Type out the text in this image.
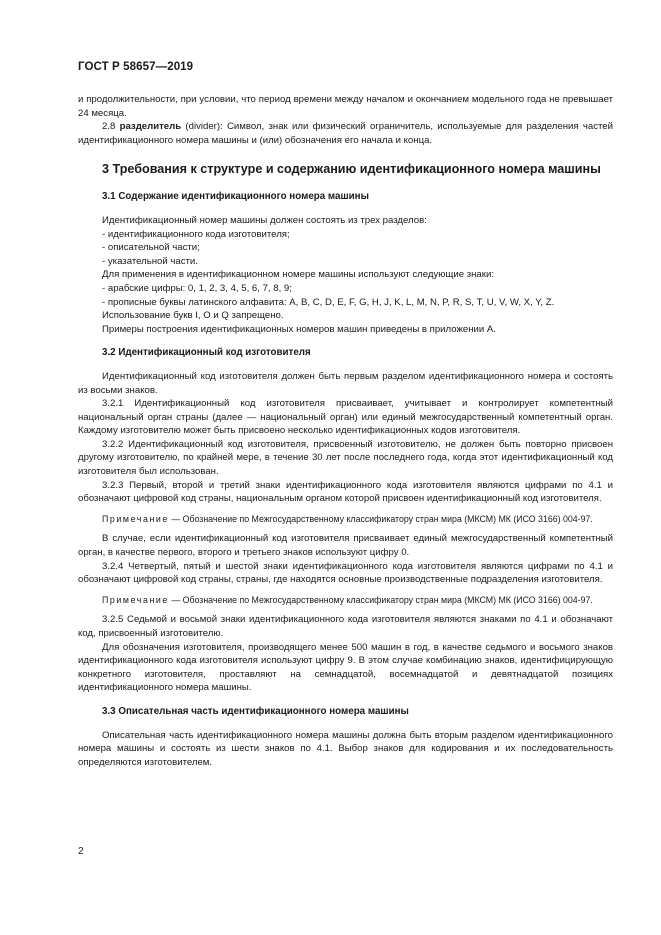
ГОСТ Р 58657—2019

и продолжительности, при условии, что период времени между началом и окончанием модельного года не превышает 24 месяца.

2.8 разделитель (divider): Символ, знак или физический ограничитель, используемые для разделения частей идентификационного номера машины и (или) обозначения его начала и конца.

3 Требования к структуре и содержанию идентификационного номера машины
3.1 Содержание идентификационного номера машины

Идентификационный номер машины должен состоять из трех разделов:

- идентификационного кода изготовителя;

- описательной части;

- указательной части.

Для применения в идентификационном номере машины используют следующие знаки:

- арабские цифры: 0, 1, 2, 3, 4, 5, 6, 7, 8, 9;

- прописные буквы латинского алфавита: A, B, C, D, E, F, G, H, J, K, L, M, N, P, R, S, T, U, V, W, X, Y, Z.

Использование букв I, O и Q запрещено.

Примеры построения идентификационных номеров машин приведены в приложении А.

3.2 Идентификационный код изготовителя

Идентификационный код изготовителя должен быть первым разделом идентификационного номера и состоять из восьми знаков.

3.2.1 Идентификационный код изготовителя присваивает, учитывает и контролирует компетентный национальный орган страны (далее — национальный орган) или единый межгосударственный компетентный орган. Каждому изготовителю может быть присвоено несколько идентификационных кодов изготовителя.

3.2.2 Идентификационный код изготовителя, присвоенный изготовителю, не должен быть повторно присвоен другому изготовителю, по крайней мере, в течение 30 лет после последнего года, когда этот идентификационный код изготовителя был использован.

3.2.3 Первый, второй и третий знаки идентификационного кода изготовителя являются цифрами по 4.1 и обозначают цифровой код страны, национальным органом которой присвоен идентификационный код изготовителя.

Примечание — Обозначение по Межгосударственному классификатору стран мира (МКСМ) МК (ИСО 3166) 004-97.

В случае, если идентификационный код изготовителя присваивает единый межгосударственный компетентный орган, в качестве первого, второго и третьего знаков используют цифру 0.

3.2.4 Четвертый, пятый и шестой знаки идентификационного кода изготовителя являются цифрами по 4.1 и обозначают цифровой код страны, страны, где находятся основные производственные подразделения изготовителя.

Примечание — Обозначение по Межгосударственному классификатору стран мира (МКСМ) МК (ИСО 3166) 004-97.

3.2.5 Седьмой и восьмой знаки идентификационного кода изготовителя являются знаками по 4.1 и обозначают код, присвоенный изготовителю.

Для обозначения изготовителя, производящего менее 500 машин в год, в качестве седьмого и восьмого знаков идентификационного кода изготовителя используют цифру 9. В этом случае комбинацию знаков, идентифицирующую конкретного изготовителя, проставляют на семнадцатой, восемнадцатой и девятнадцатой позициях идентификационного номера машины.

3.3 Описательная часть идентификационного номера машины

Описательная часть идентификационного номера машины должна быть вторым разделом идентификационного номера машины и состоять из шести знаков по 4.1. Выбор знаков для кодирования и их последовательность определяются изготовителем.

2
